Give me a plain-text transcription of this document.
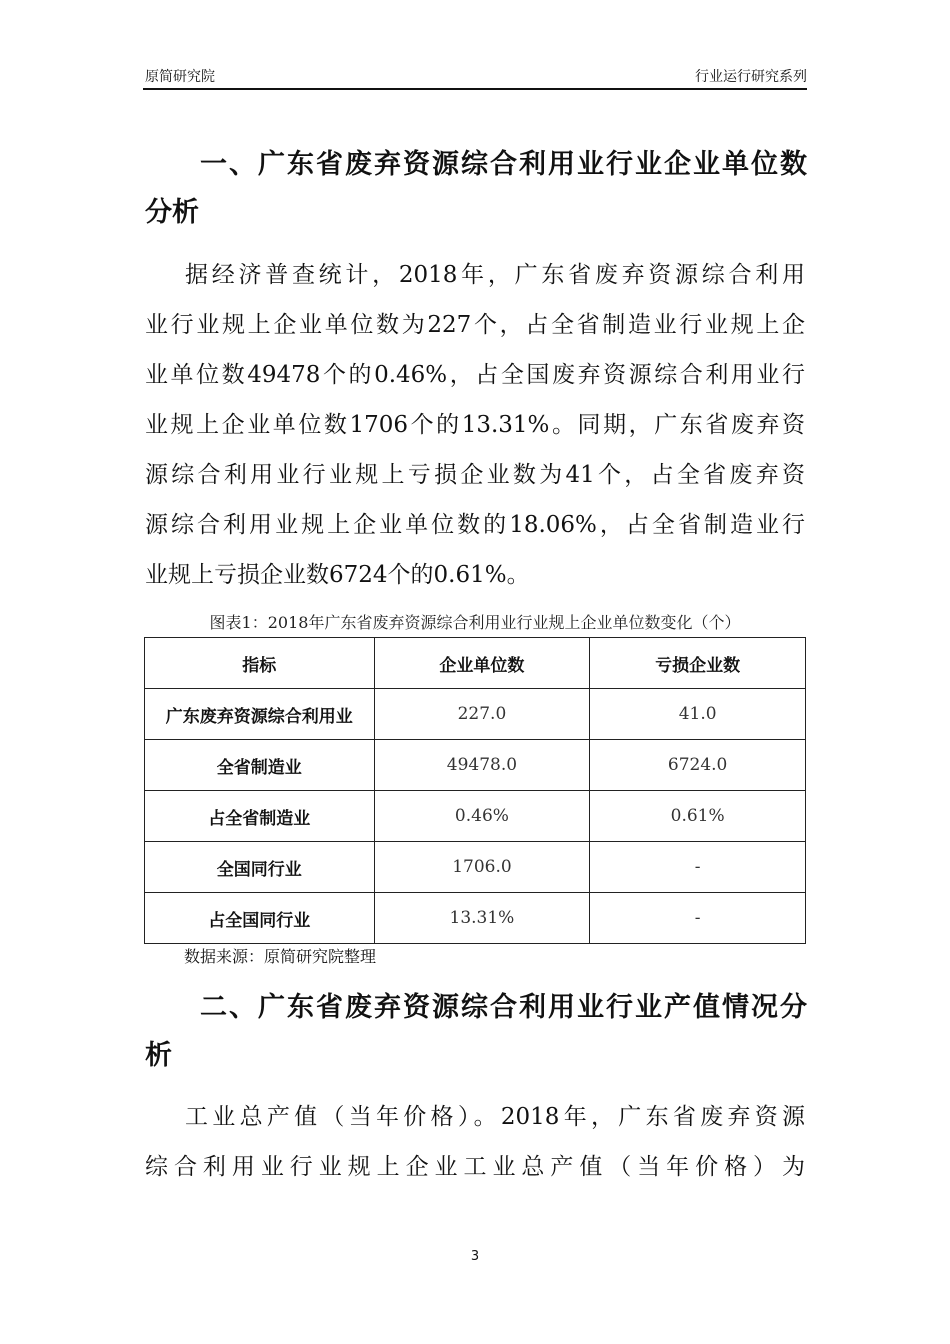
原简研究院	行业运行研究系列
一、广东省废弃资源综合利用业行业企业单位数
分析
据经济普查统计，2018年，广东省废弃资源综合利用
业行业规上企业单位数为227个，占全省制造业行业规上企
业单位数49478个的0.46%，占全国废弃资源综合利用业行
业规上企业单位数1706个的13.31%。同期，广东省废弃资
源综合利用业行业规上亏损企业数为41个，占全省废弃资
源综合利用业规上企业单位数的18.06%，占全省制造业行
业规上亏损企业数6724个的0.61%。
图表1：2018年广东省废弃资源综合利用业行业规上企业单位数变化（个）
指标	企业单位数	亏损企业数
广东废弃资源综合利用业	227.0	41.0
全省制造业	49478.0	6724.0
占全省制造业	0.46%	0.61%
全国同行业	1706.0	-
占全国同行业	13.31%	-
数据来源：原简研究院整理
二、广东省废弃资源综合利用业行业产值情况分
析
工业总产值（当年价格）。2018年，广东省废弃资源
综合利用业行业规上企业工业总产值（当年价格）为
3
